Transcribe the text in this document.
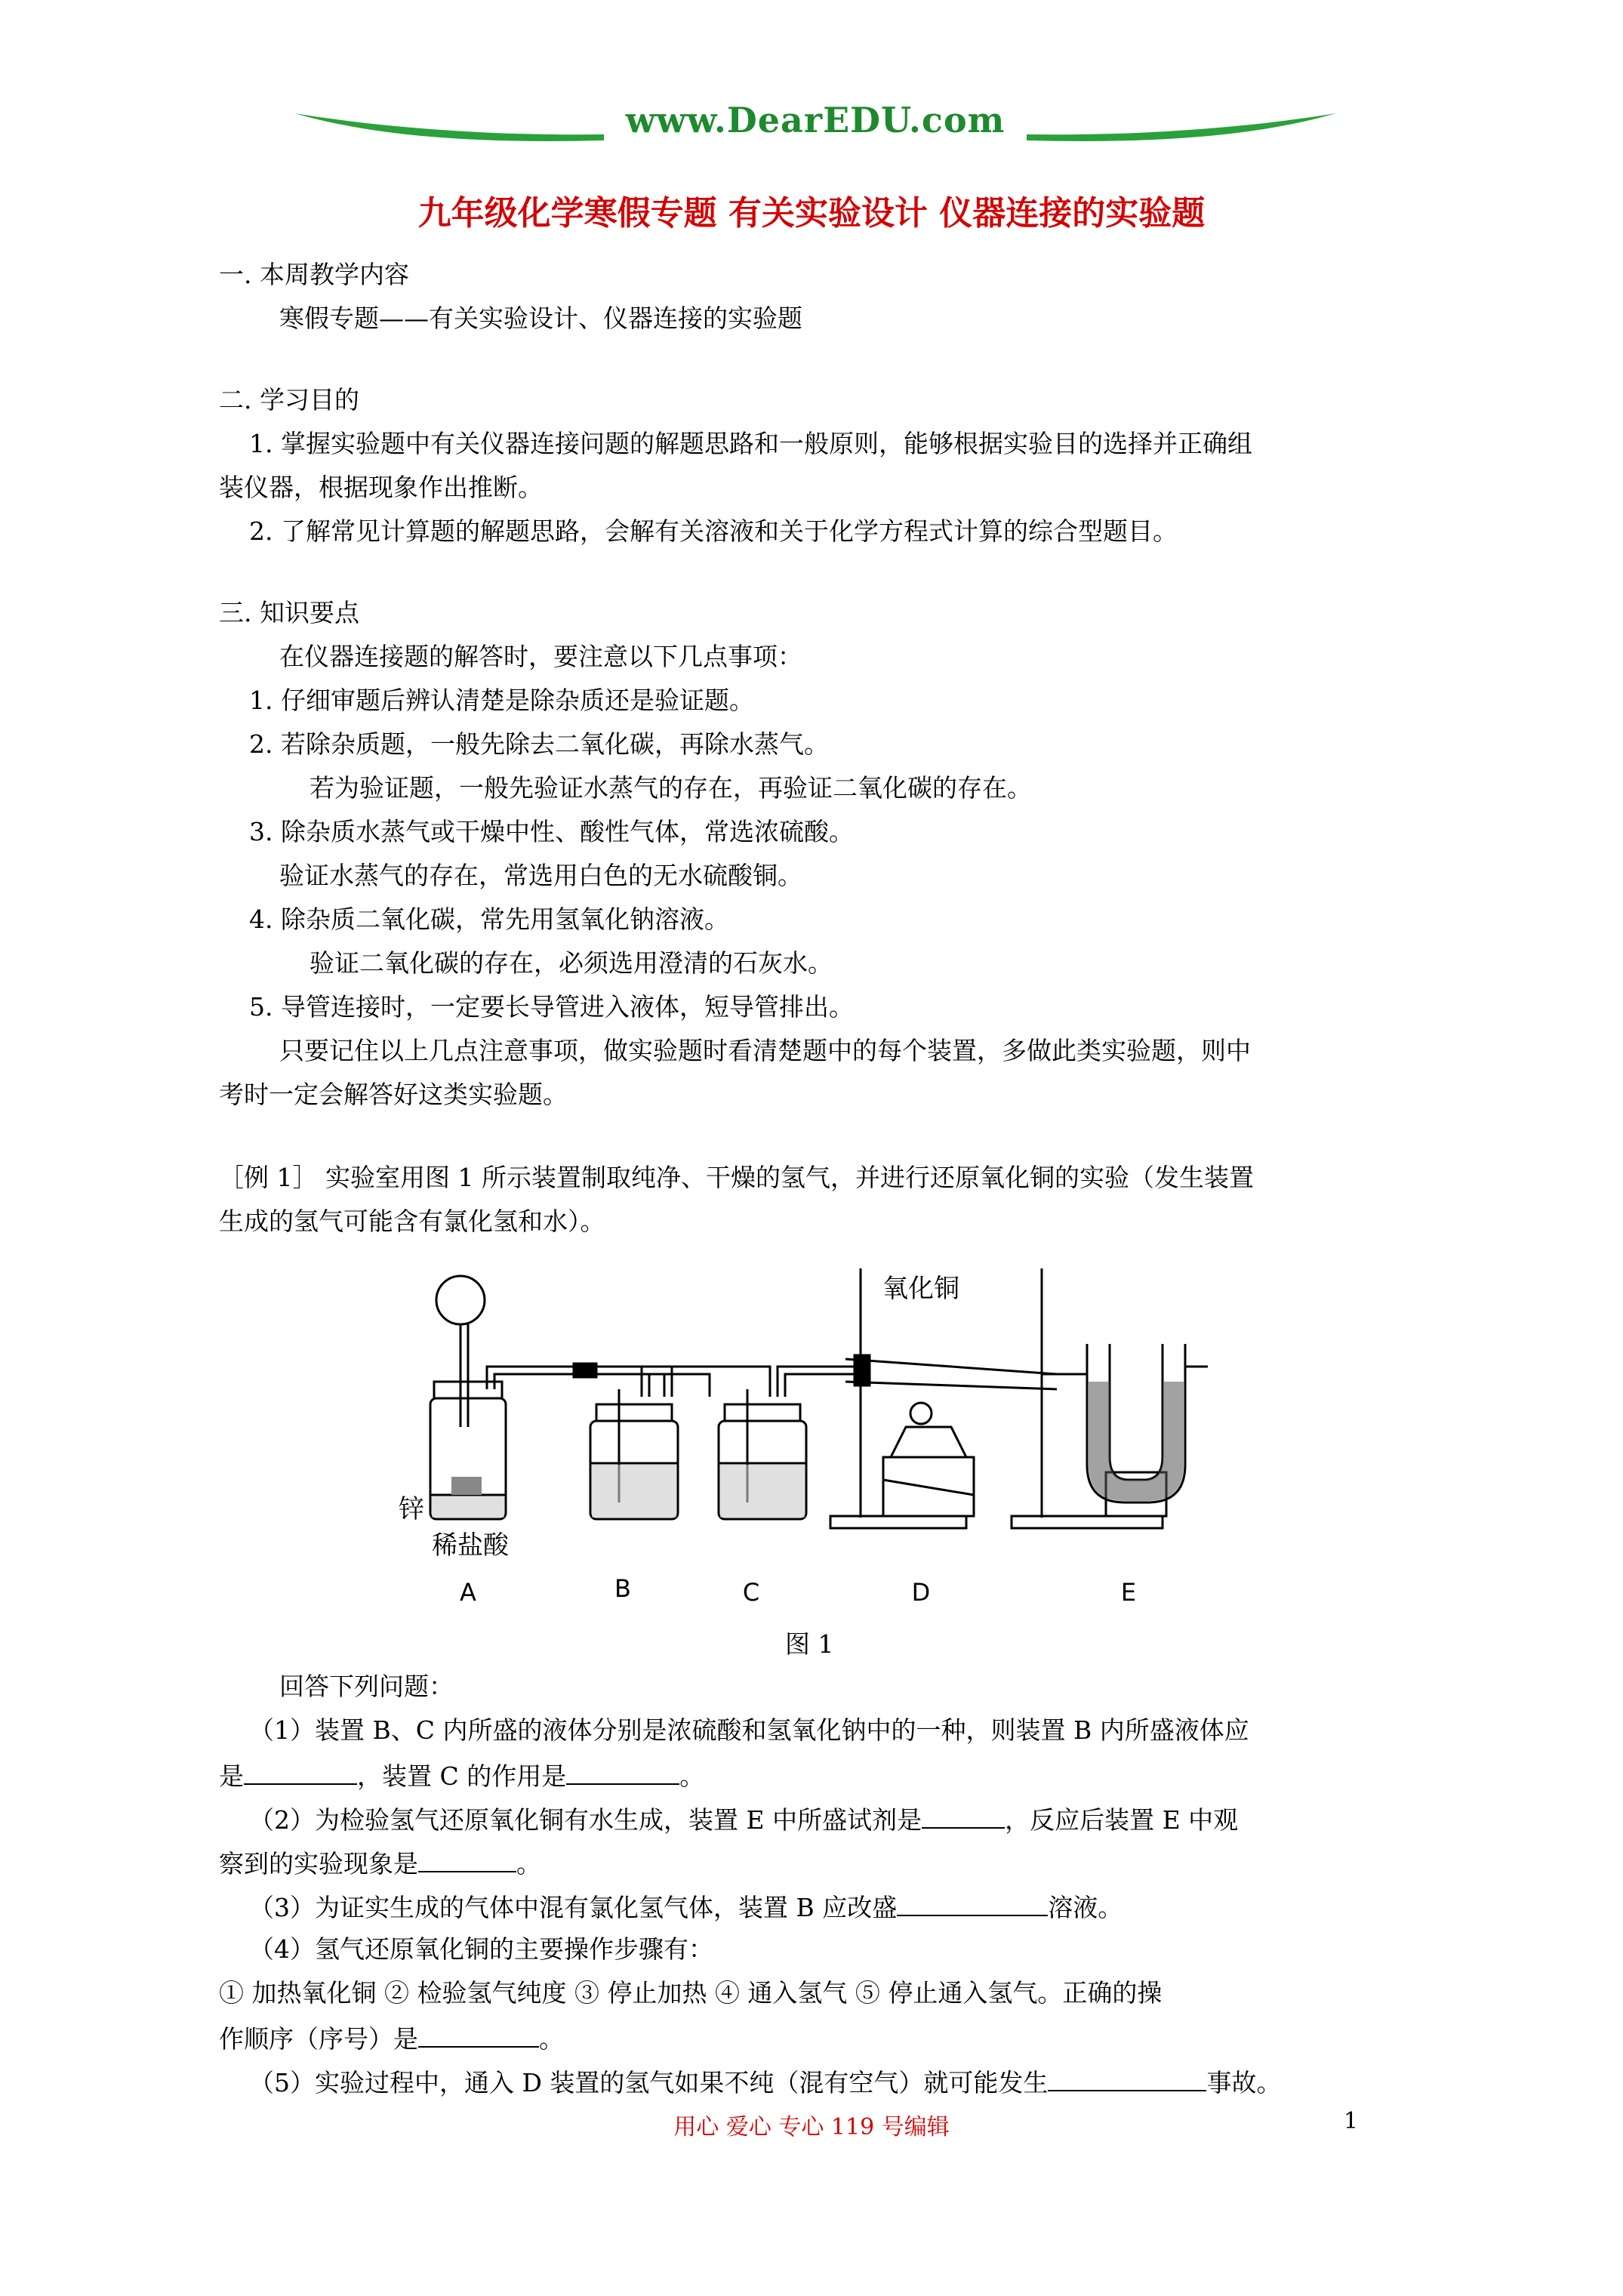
www.DearEDU.com
九年级化学寒假专题 有关实验设计 仪器连接的实验题
一. 本周教学内容
寒假专题——有关实验设计、仪器连接的实验题
二. 学习目的
1. 掌握实验题中有关仪器连接问题的解题思路和一般原则，能够根据实验目的选择并正确组
装仪器，根据现象作出推断。
2. 了解常见计算题的解题思路，会解有关溶液和关于化学方程式计算的综合型题目。
三. 知识要点
在仪器连接题的解答时，要注意以下几点事项：
1. 仔细审题后辨认清楚是除杂质还是验证题。
2. 若除杂质题，一般先除去二氧化碳，再除水蒸气。
若为验证题，一般先验证水蒸气的存在，再验证二氧化碳的存在。
3. 除杂质水蒸气或干燥中性、酸性气体，常选浓硫酸。
验证水蒸气的存在，常选用白色的无水硫酸铜。
4. 除杂质二氧化碳，常先用氢氧化钠溶液。
验证二氧化碳的存在，必须选用澄清的石灰水。
5. 导管连接时，一定要长导管进入液体，短导管排出。
只要记住以上几点注意事项，做实验题时看清楚题中的每个装置，多做此类实验题，则中
考时一定会解答好这类实验题。
［例 1］ 实验室用图 1 所示装置制取纯净、干燥的氢气，并进行还原氧化铜的实验（发生装置
生成的氢气可能含有氯化氢和水）。
氧化铜
锌
稀盐酸
A	B	C	D	E
图 1
回答下列问题：
（1）装置 B、C 内所盛的液体分别是浓硫酸和氢氧化钠中的一种，则装置 B 内所盛液体应
是	，装置 C 的作用是	。
（2）为检验氢气还原氧化铜有水生成，装置 E 中所盛试剂是	，反应后装置 E 中观
察到的实验现象是	。
（3）为证实生成的气体中混有氯化氢气体，装置 B 应改盛	溶液。
（4）氢气还原氧化铜的主要操作步骤有：
① 加热氧化铜 ② 检验氢气纯度 ③ 停止加热 ④ 通入氢气 ⑤ 停止通入氢气。正确的操
作顺序（序号）是	。
（5）实验过程中，通入 D 装置的氢气如果不纯（混有空气）就可能发生	事故。
用心 爱心 专心 119 号编辑	1
